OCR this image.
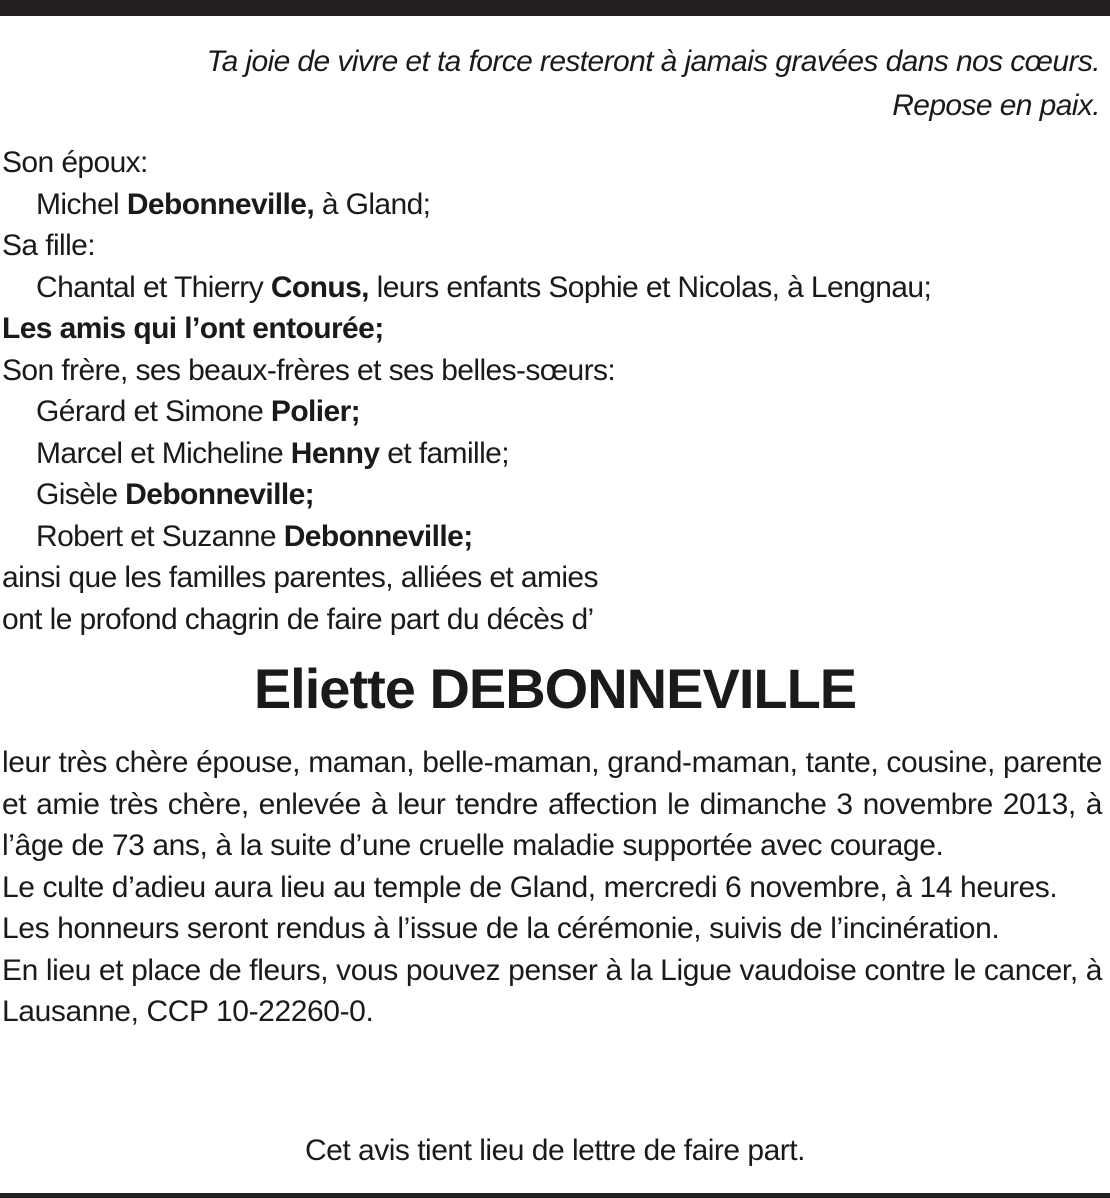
Ta joie de vivre et ta force resteront à jamais gravées dans nos cœurs.
Repose en paix.
Son époux:
Michel Debonneville, à Gland;
Sa fille:
Chantal et Thierry Conus, leurs enfants Sophie et Nicolas, à Lengnau;
Les amis qui l’ont entourée;
Son frère, ses beaux-frères et ses belles-sœurs:
Gérard et Simone Polier;
Marcel et Micheline Henny et famille;
Gisèle Debonneville;
Robert et Suzanne Debonneville;
ainsi que les familles parentes, alliées et amies
ont le profond chagrin de faire part du décès d’
Eliette DEBONNEVILLE

leur très chère épouse, maman, belle-maman, grand-maman, tante, cousine, parente et amie très chère, enlevée à leur tendre affection le dimanche 3 novembre 2013, à l’âge de 73 ans, à la suite d’une cruelle maladie supportée avec courage.

Le culte d’adieu aura lieu au temple de Gland, mercredi 6 novembre, à 14 heures.

Les honneurs seront rendus à l’issue de la cérémonie, suivis de l’incinération.

En lieu et place de fleurs, vous pouvez penser à la Ligue vaudoise contre le cancer, à Lausanne, CCP 10-22260-0.

Cet avis tient lieu de lettre de faire part.
